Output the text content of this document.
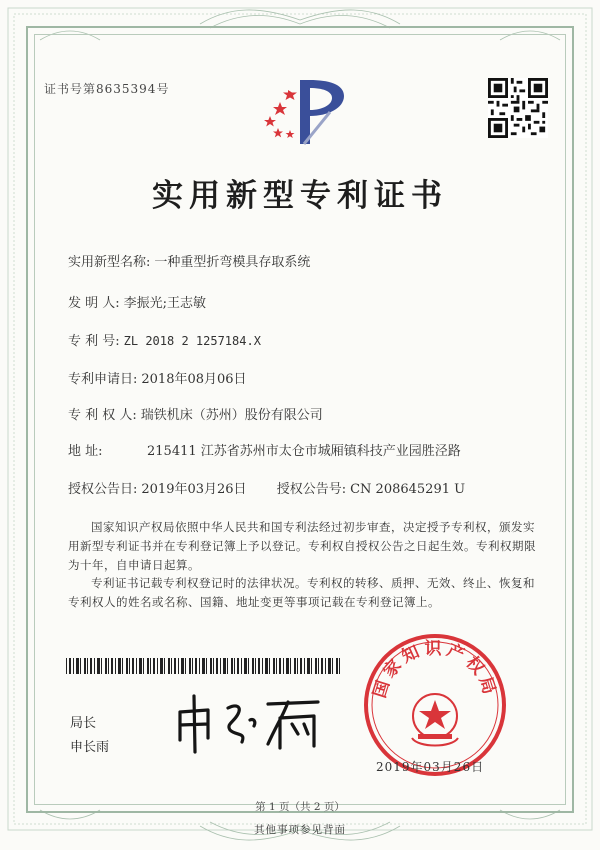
证书号第8635394号
实用新型专利证书
实用新型名称: 一种重型折弯模具存取系统
发 明 人: 李振光;王志敏
专 利 号: ZL 2018 2 1257184.X
专利申请日: 2018年08月06日
专 利 权 人: 瑞铁机床（苏州）股份有限公司
地 址:	215411 江苏省苏州市太仓市城厢镇科技产业园胜泾路
授权公告日: 2019年03月26日 授权公告号: CN 208645291 U
国家知识产权局依照中华人民共和国专利法经过初步审查，决定授予专利权，颁发实用新型专利证书并在专利登记簿上予以登记。专利权自授权公告之日起生效。专利权期限为十年，自申请日起算。
专利证书记载专利权登记时的法律状况。专利权的转移、质押、无效、终止、恢复和专利权人的姓名或名称、国籍、地址变更等事项记载在专利登记簿上。
局长
申长雨
国家知识产权局
2019年03月26日
第 1 页（共 2 页）
其他事项参见背面
